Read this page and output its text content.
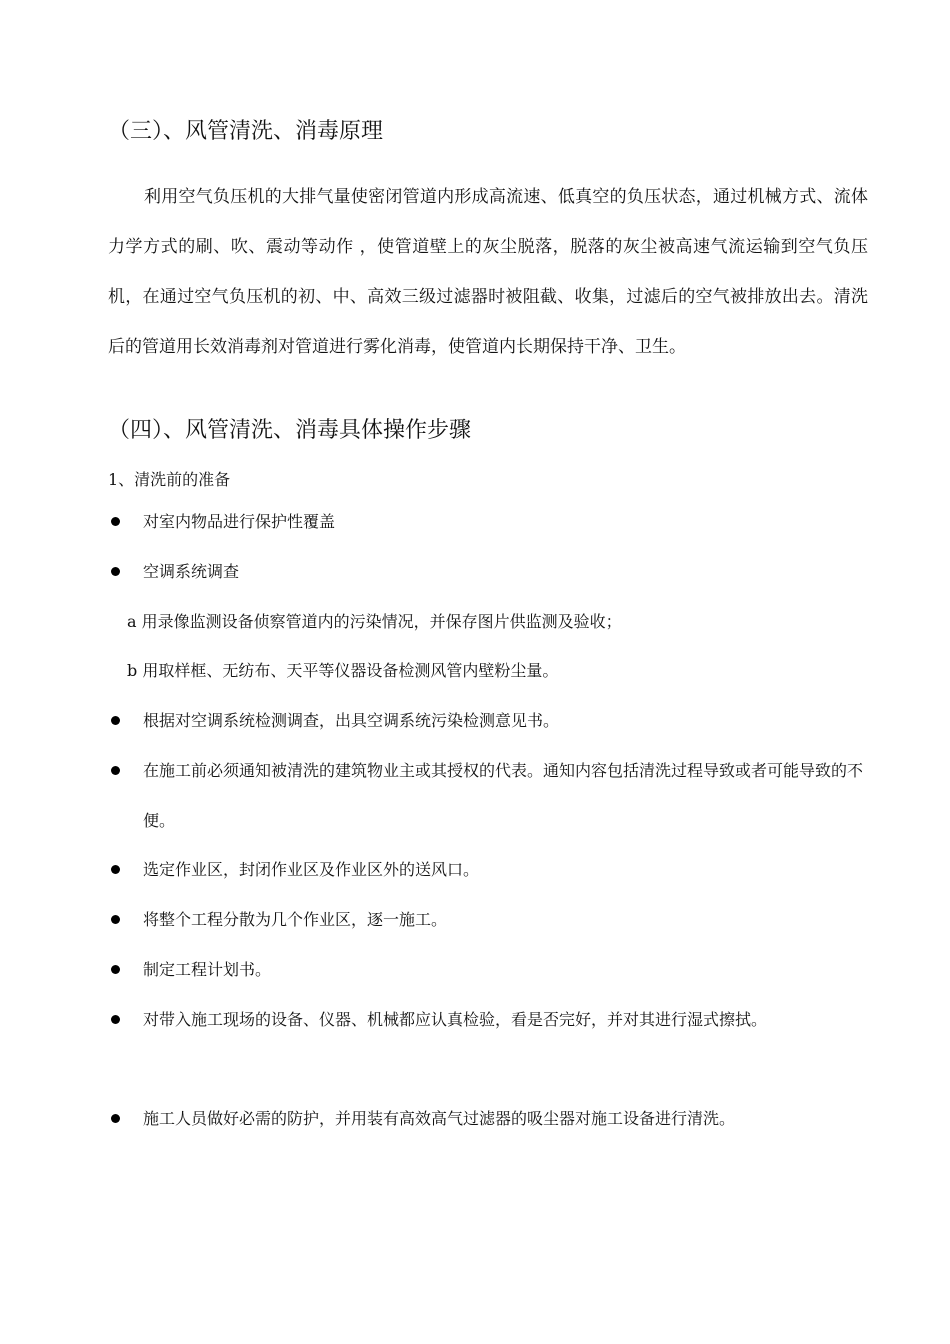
（三）、风管清洗、消毒原理
利用空气负压机的大排气量使密闭管道内形成高流速、低真空的负压状态，通过机械方式、流体力学方式的刷、吹、震动等动作 ，使管道壁上的灰尘脱落，脱落的灰尘被高速气流运输到空气负压机，在通过空气负压机的初、中、高效三级过滤器时被阻截、收集，过滤后的空气被排放出去。清洗后的管道用长效消毒剂对管道进行雾化消毒，使管道内长期保持干净、卫生。
（四）、风管清洗、消毒具体操作步骤
1、清洗前的准备
对室内物品进行保护性覆盖
空调系统调查
a 用录像监测设备侦察管道内的污染情况，并保存图片供监测及验收；
b 用取样框、无纺布、天平等仪器设备检测风管内壁粉尘量。
根据对空调系统检测调查，出具空调系统污染检测意见书。
在施工前必须通知被清洗的建筑物业主或其授权的代表。通知内容包括清洗过程导致或者可能导致的不便。
选定作业区，封闭作业区及作业区外的送风口。
将整个工程分散为几个作业区，逐一施工。
制定工程计划书。
对带入施工现场的设备、仪器、机械都应认真检验，看是否完好，并对其进行湿式擦拭。
施工人员做好必需的防护，并用装有高效高气过滤器的吸尘器对施工设备进行清洗。
